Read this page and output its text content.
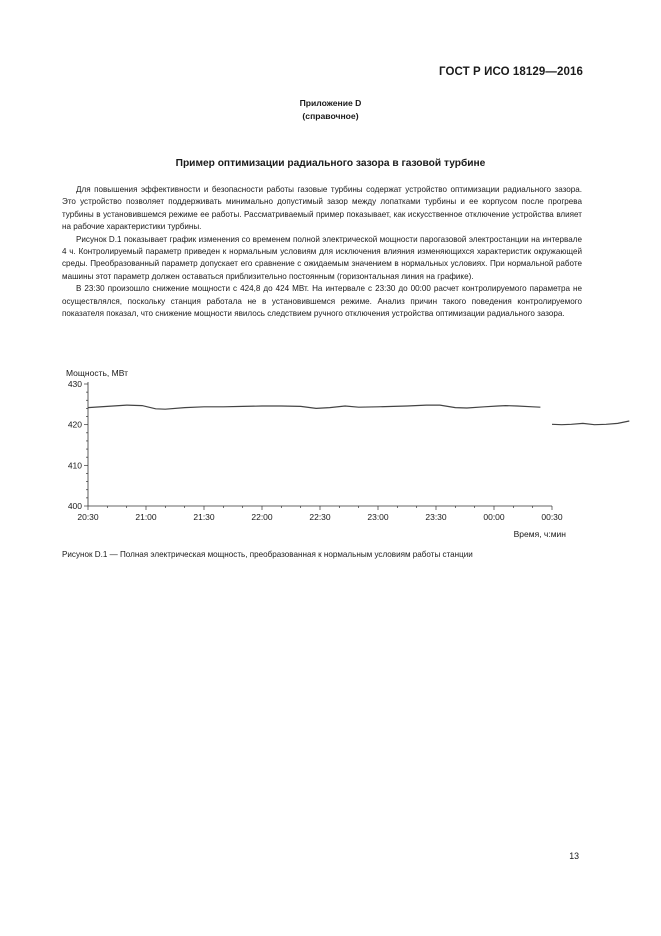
ГОСТ Р ИСО 18129—2016
Приложение D
(справочное)
Пример оптимизации радиального зазора в газовой турбине

Для повышения эффективности и безопасности работы газовые турбины содержат устройство оптимизации радиального зазора. Это устройство позволяет поддерживать минимально допустимый зазор между лопатками турбины и ее корпусом после прогрева турбины в установившемся режиме ее работы. Рассматриваемый пример показывает, как искусственное отключение устройства влияет на рабочие характеристики турбины.

Рисунок D.1 показывает график изменения со временем полной электрической мощности парогазовой электростанции на интервале 4 ч. Контролируемый параметр приведен к нормальным условиям для исключения влияния изменяющихся характеристик окружающей среды. Преобразованный параметр допускает его сравнение с ожидаемым значением в нормальных условиях. При нормальной работе машины этот параметр должен оставаться приблизительно постоянным (горизонтальная линия на графике).

В 23:30 произошло снижение мощности с 424,8 до 424 МВт. На интервале с 23:30 до 00:00 расчет контролируемого параметра не осуществлялся, поскольку станция работала не в установившемся режиме. Анализ причин такого поведения контролируемого показателя показал, что снижение мощности явилось следствием ручного отключения устройства оптимизации радиального зазора.

Мощность, МВт
Время, ч:мин
430
420
410
400
20:30	21:00	21:30	22:00	22:30	23:00	23:30	00:00	00:30
Рисунок D.1 — Полная электрическая мощность, преобразованная к нормальным условиям работы станции
13
